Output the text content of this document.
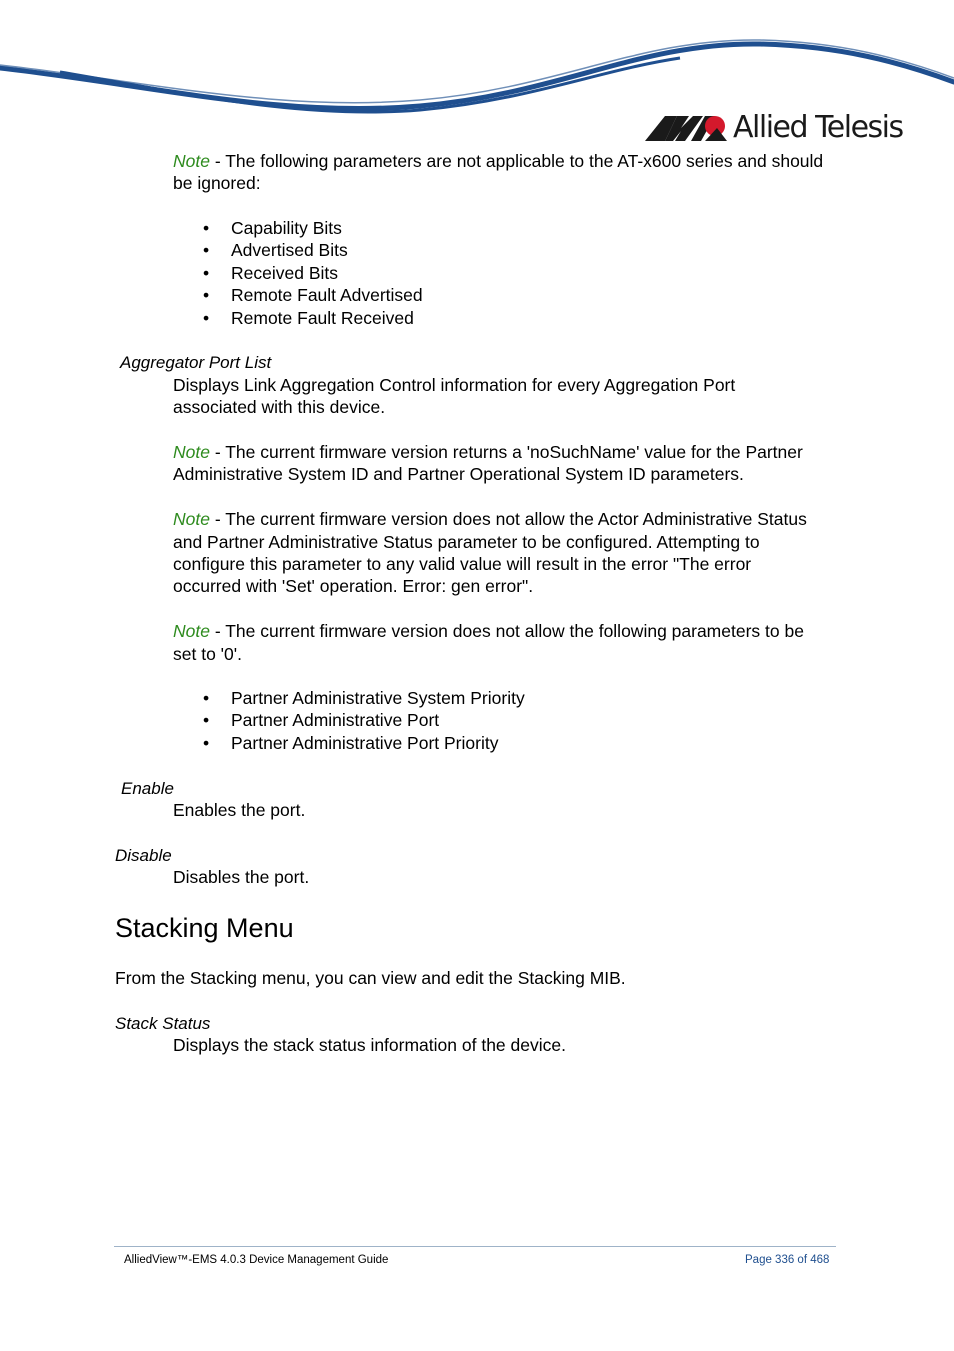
Allied Telesis
Note - The following parameters are not applicable to the AT-x600 series and should
be ignored:
• Capability Bits
• Advertised Bits
• Received Bits
• Remote Fault Advertised
• Remote Fault Received
Aggregator Port List
Displays Link Aggregation Control information for every Aggregation Port
associated with this device.
Note - The current firmware version returns a 'noSuchName' value for the Partner
Administrative System ID and Partner Operational System ID parameters.
Note - The current firmware version does not allow the Actor Administrative Status
and Partner Administrative Status parameter to be configured. Attempting to
configure this parameter to any valid value will result in the error "The error
occurred with 'Set' operation. Error: gen error".
Note - The current firmware version does not allow the following parameters to be
set to '0'.
• Partner Administrative System Priority
• Partner Administrative Port
• Partner Administrative Port Priority
Enable
Enables the port.
Disable
Disables the port.
Stacking Menu
From the Stacking menu, you can view and edit the Stacking MIB.
Stack Status
Displays the stack status information of the device.
AlliedView™-EMS 4.0.3 Device Management Guide	Page 336 of 468
